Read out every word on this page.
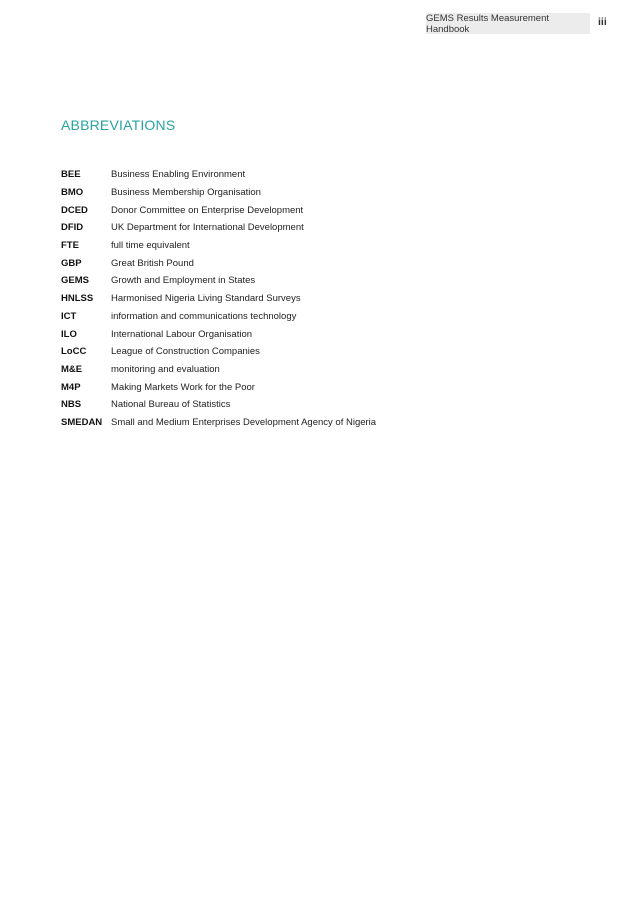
GEMS Results Measurement Handbook
iii
ABBREVIATIONS
BEE	Business Enabling Environment
BMO	Business Membership Organisation
DCED	Donor Committee on Enterprise Development
DFID	UK Department for International Development
FTE	full time equivalent
GBP	Great British Pound
GEMS	Growth and Employment in States
HNLSS	Harmonised Nigeria Living Standard Surveys
ICT	information and communications technology
ILO	International Labour Organisation
LoCC	League of Construction Companies
M&E	monitoring and evaluation
M4P	Making Markets Work for the Poor
NBS	National Bureau of Statistics
SMEDAN Small and Medium Enterprises Development Agency of Nigeria
